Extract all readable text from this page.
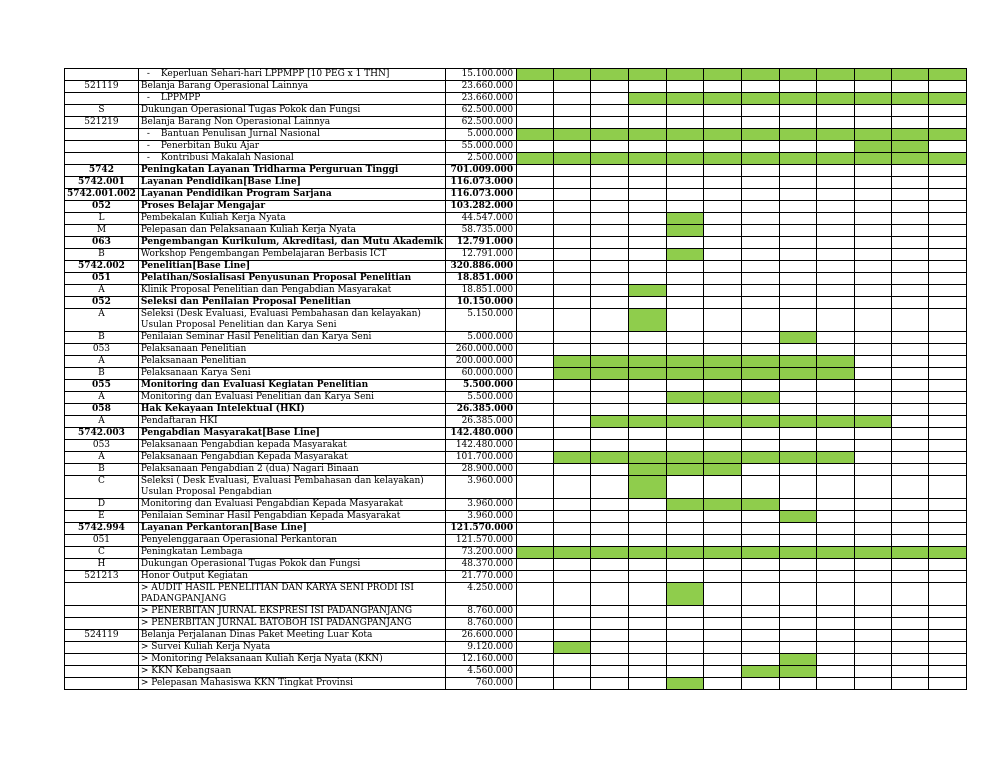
	- Keperluan Sehari-hari LPPMPP [10 PEG x 1 THN]	15.100.000												
521119	Belanja Barang Operasional Lainnya	23.660.000												
	- LPPMPP	23.660.000												
S	Dukungan Operasional Tugas Pokok dan Fungsi	62.500.000												
521219	Belanja Barang Non Operasional Lainnya	62.500.000												
	- Bantuan Penulisan Jurnal Nasional	5.000.000												
	- Penerbitan Buku Ajar	55.000.000												
	- Kontribusi Makalah Nasional	2.500.000												
5742	Peningkatan Layanan Tridharma Perguruan Tinggi	701.009.000												
5742.001	Layanan Pendidikan[Base Line]	116.073.000												
5742.001.002	Layanan Pendidikan Program Sarjana	116.073.000												
052	Proses Belajar Mengajar	103.282.000												
L	Pembekalan Kuliah Kerja Nyata	44.547.000												
M	Pelepasan dan Pelaksanaan Kuliah Kerja Nyata	58.735.000												
063	Pengembangan Kurikulum, Akreditasi, dan Mutu Akademik	12.791.000												
B	Workshop Pengembangan Pembelajaran Berbasis ICT	12.791.000												
5742.002	Penelitian[Base Line]	320.886.000												
051	Pelatihan/Sosialisasi Penyusunan Proposal Penelitian	18.851.000												
A	Klinik Proposal Penelitian dan Pengabdian Masyarakat	18.851.000												
052	Seleksi dan Penilaian Proposal Penelitian	10.150.000												
A	Seleksi (Desk Evaluasi, Evaluasi Pembahasan dan kelayakan) Usulan Proposal Penelitian dan Karya Seni	5.150.000												
B	Penilaian Seminar Hasil Penelitian dan Karya Seni	5.000.000												
053	Pelaksanaan Penelitian	260.000.000												
A	Pelaksanaan Penelitian	200.000.000												
B	Pelaksanaan Karya Seni	60.000.000												
055	Monitoring dan Evaluasi Kegiatan Penelitian	5.500.000												
A	Monitoring dan Evaluasi Penelitian dan Karya Seni	5.500.000												
058	Hak Kekayaan Intelektual (HKI)	26.385.000												
A	Pendaftaran HKI	26.385.000												
5742.003	Pengabdian Masyarakat[Base Line]	142.480.000												
053	Pelaksanaan Pengabdian kepada Masyarakat	142.480.000												
A	Pelaksanaan Pengabdian Kepada Masyarakat	101.700.000												
B	Pelaksanaan Pengabdian 2 (dua) Nagari Binaan	28.900.000												
C	Seleksi ( Desk Evaluasi, Evaluasi Pembahasan dan kelayakan) Usulan Proposal Pengabdian	3.960.000												
D	Monitoring dan Evaluasi Pengabdian Kepada Masyarakat	3.960.000												
E	Penilaian Seminar Hasil Pengabdian Kepada Masyarakat	3.960.000												
5742.994	Layanan Perkantoran[Base Line]	121.570.000												
051	Penyelenggaraan Operasional Perkantoran	121.570.000												
C	Peningkatan Lembaga	73.200.000												
H	Dukungan Operasional Tugas Pokok dan Fungsi	48.370.000												
521213	Honor Output Kegiatan	21.770.000												
	> AUDIT HASIL PENELITIAN DAN KARYA SENI PRODI ISI PADANGPANJANG	4.250.000												
	> PENERBITAN JURNAL EKSPRESI ISI PADANGPANJANG	8.760.000												
	> PENERBITAN JURNAL BATOBOH ISI PADANGPANJANG	8.760.000												
524119	Belanja Perjalanan Dinas Paket Meeting Luar Kota	26.600.000												
	> Survei Kuliah Kerja Nyata	9.120.000												
	> Monitoring Pelaksanaan Kuliah Kerja Nyata (KKN)	12.160.000												
	> KKN Kebangsaan	4.560.000												
	> Pelepasan Mahasiswa KKN Tingkat Provinsi	760.000												
